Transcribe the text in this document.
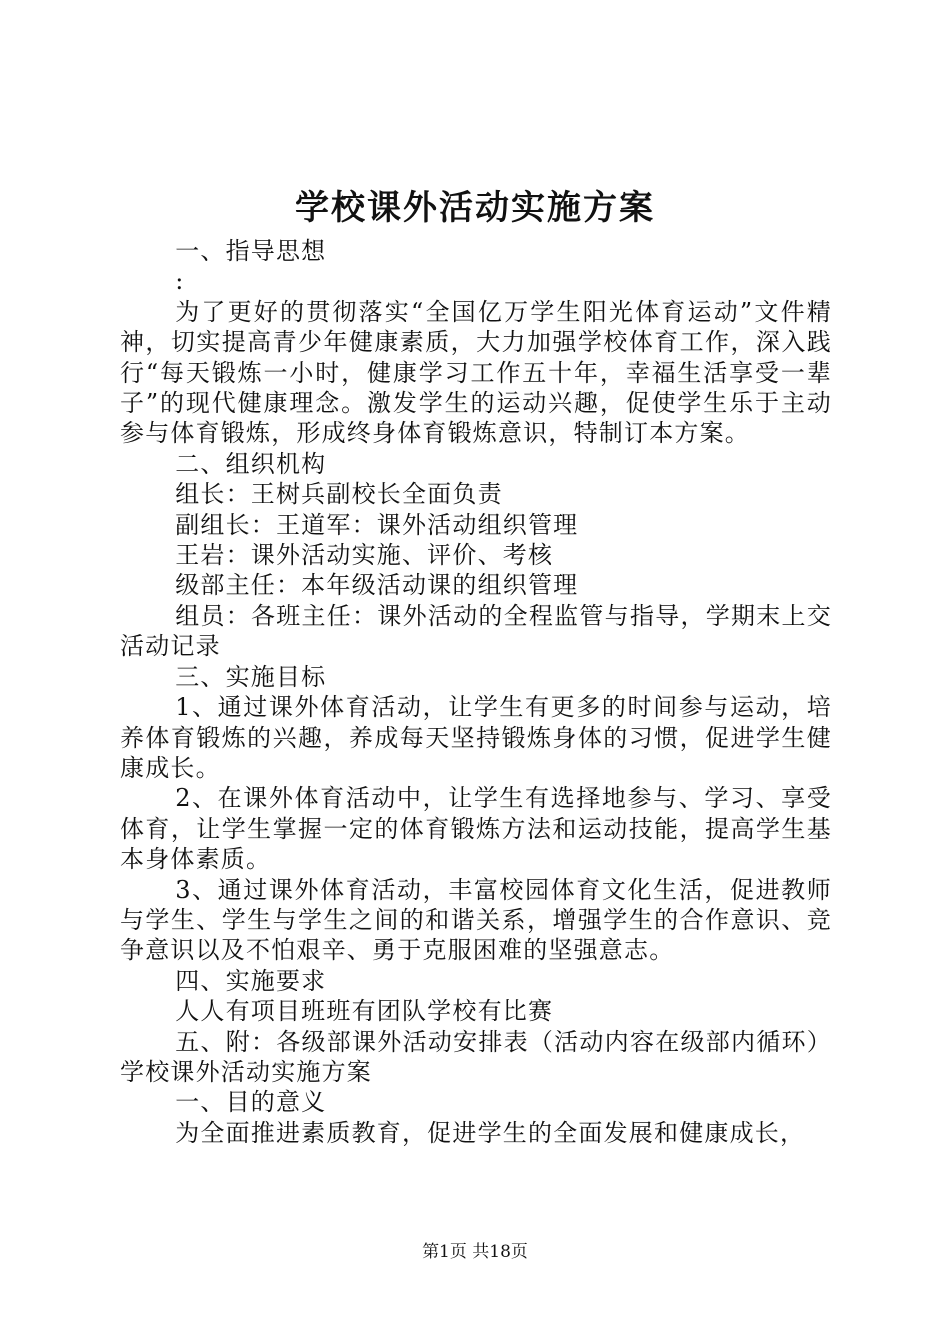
学校课外活动实施方案

一、指导思想

:

为了更好的贯彻落实“全国亿万学生阳光体育运动”文件精神，切实提高青少年健康素质，大力加强学校体育工作，深入践行“每天锻炼一小时，健康学习工作五十年，幸福生活享受一辈子”的现代健康理念。激发学生的运动兴趣，促使学生乐于主动参与体育锻炼，形成终身体育锻炼意识，特制订本方案。

二、组织机构

组长：王树兵副校长全面负责

副组长：王道军：课外活动组织管理

王岩：课外活动实施、评价、考核

级部主任：本年级活动课的组织管理

组员：各班主任：课外活动的全程监管与指导，学期末上交活动记录

三、实施目标

1、通过课外体育活动，让学生有更多的时间参与运动，培养体育锻炼的兴趣，养成每天坚持锻炼身体的习惯，促进学生健康成长。

2、在课外体育活动中，让学生有选择地参与、学习、享受体育，让学生掌握一定的体育锻炼方法和运动技能，提高学生基本身体素质。

3、通过课外体育活动，丰富校园体育文化生活，促进教师与学生、学生与学生之间的和谐关系，增强学生的合作意识、竞争意识以及不怕艰辛、勇于克服困难的坚强意志。

四、实施要求

人人有项目班班有团队学校有比赛

五、附：各级部课外活动安排表（活动内容在级部内循环）学校课外活动实施方案

一、目的意义

为全面推进素质教育，促进学生的全面发展和健康成长，

第1页 共18页
